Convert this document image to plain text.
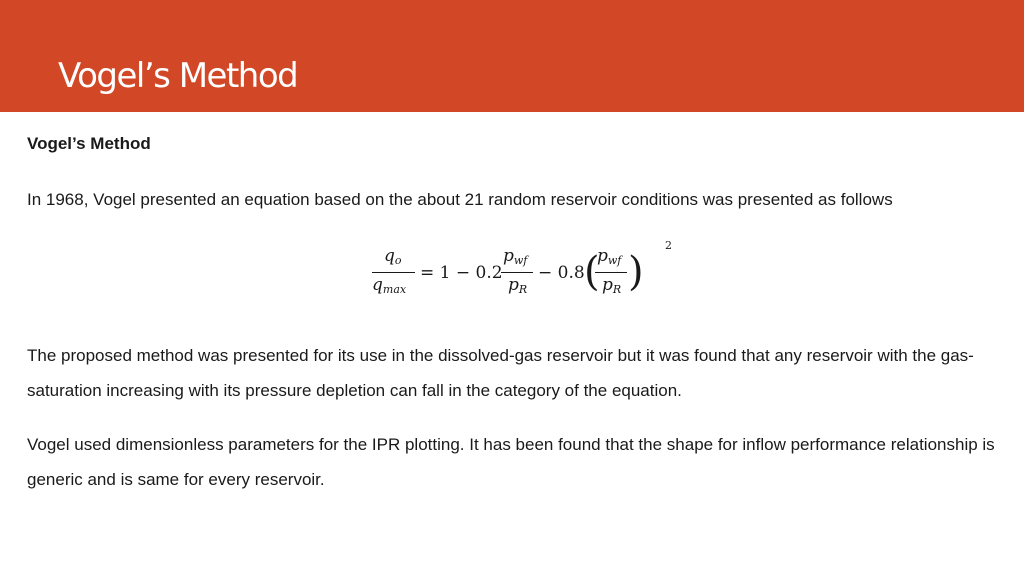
Vogel’s Method

Vogel’s Method

In 1968, Vogel presented an equation based on the about 21 random reservoir conditions was presented as follows

qo
qmax
= 1 − 0.2
pwf
pR
− 0.8 (
pwf
pR )
2

The proposed method was presented for its use in the dissolved-gas reservoir but it was found that any reservoir with the gas-saturation increasing with its pressure depletion can fall in the category of the equation.

Vogel used dimensionless parameters for the IPR plotting. It has been found that the shape for inflow performance relationship is generic and is same for every reservoir.
